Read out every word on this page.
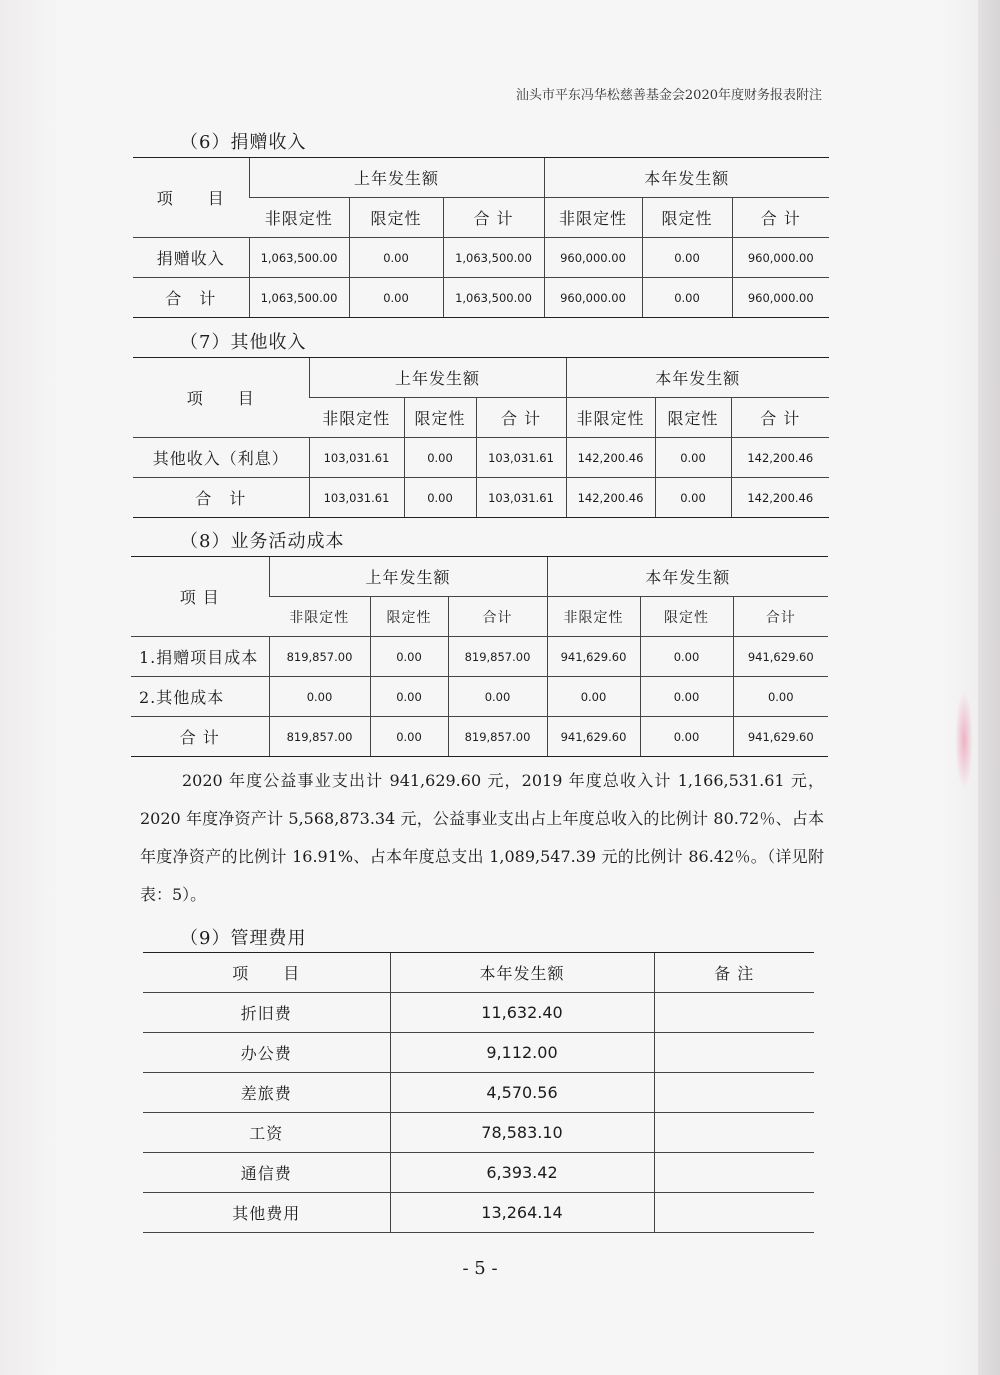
汕头市平东冯华松慈善基金会2020年度财务报表附注
（6）捐赠收入
项　　目	上年发生额			本年发生额		
	非限定性	限定性	合 计	非限定性	限定性	合 计
捐赠收入	1,063,500.00	0.00	1,063,500.00	960,000.00	0.00	960,000.00
合　计	1,063,500.00	0.00	1,063,500.00	960,000.00	0.00	960,000.00
（7）其他收入
项　　目	上年发生额			本年发生额		
	非限定性	限定性	合 计	非限定性	限定性	合 计
其他收入（利息）	103,031.61	0.00	103,031.61	142,200.46	0.00	142,200.46
合　计	103,031.61	0.00	103,031.61	142,200.46	0.00	142,200.46
（8）业务活动成本
项 目	上年发生额			本年发生额		
	非限定性	限定性	合计	非限定性	限定性	合计
1.捐赠项目成本	819,857.00	0.00	819,857.00	941,629.60	0.00	941,629.60
2.其他成本	0.00	0.00	0.00	0.00	0.00	0.00
合 计	819,857.00	0.00	819,857.00	941,629.60	0.00	941,629.60
2020 年度公益事业支出计 941,629.60 元，2019 年度总收入计 1,166,531.61 元，2020 年度净资产计 5,568,873.34 元，公益事业支出占上年度总收入的比例计 80.72％、占本年度净资产的比例计 16.91%、占本年度总支出 1,089,547.39 元的比例计 86.42％。（详见附表：5）。
（9）管理费用
项　　目	本年发生额	备 注
折旧费	11,632.40	
办公费	9,112.00	
差旅费	4,570.56	
工资	78,583.10	
通信费	6,393.42	
其他费用	13,264.14	
- 5 -
